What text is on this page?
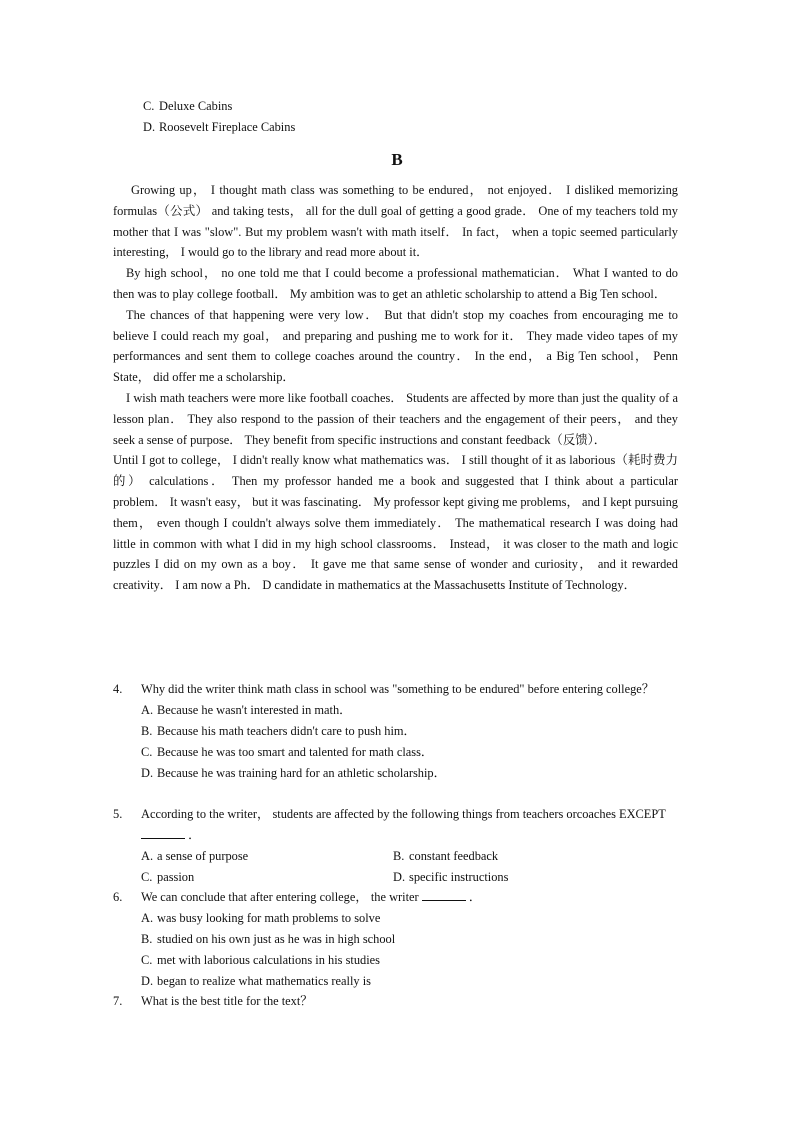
C. Deluxe Cabins
D. Roosevelt Fireplace Cabins
B

Growing up， I thought math class was something to be endured， not enjoyed． I disliked memorizing formulas（公式） and taking tests， all for the dull goal of getting a good grade． One of my teachers told my mother that I was "slow". But my problem wasn't with math itself． In fact， when a topic seemed particularly interesting， I would go to the library and read more about it．

By high school， no one told me that I could become a professional mathematician． What I wanted to do then was to play college football． My ambition was to get an athletic scholarship to attend a Big Ten school．

The chances of that happening were very low． But that didn't stop my coaches from encouraging me to believe I could reach my goal， and preparing and pushing me to work for it． They made video tapes of my performances and sent them to college coaches around the country． In the end， a Big Ten school， Penn State， did offer me a scholarship．

I wish math teachers were more like football coaches． Students are affected by more than just the quality of a lesson plan． They also respond to the passion of their teachers and the engagement of their peers， and they seek a sense of purpose． They benefit from specific instructions and constant feedback（反馈）．

Until I got to college， I didn't really know what mathematics was． I still thought of it as laborious（耗时费力的） calculations． Then my professor handed me a book and suggested that I think about a particular problem． It wasn't easy， but it was fascinating． My professor kept giving me problems， and I kept pursuing them， even though I couldn't always solve them immediately． The mathematical research I was doing had little in common with what I did in my high school classrooms． Instead， it was closer to the math and logic puzzles I did on my own as a boy． It gave me that same sense of wonder and curiosity， and it rewarded creativity． I am now a Ph． D candidate in mathematics at the Massachusetts Institute of Technology．

4.	Why did the writer think math class in school was "something to be endured" before entering college？
A. Because he wasn't interested in math．
B. Because his math teachers didn't care to push him．
C. Because he was too smart and talented for math class．
D. Because he was training hard for an athletic scholarship．
5.	According to the writer， students are affected by the following things from teachers orcoaches EXCEPT  ．
A. a sense of purpose	B. constant feedback
C. passion	D. specific instructions
6.	We can conclude that after entering college， the writer	．
A. was busy looking for math problems to solve
B. studied on his own just as he was in high school
C. met with laborious calculations in his studies
D. began to realize what mathematics really is
7.	What is the best title for the text？
